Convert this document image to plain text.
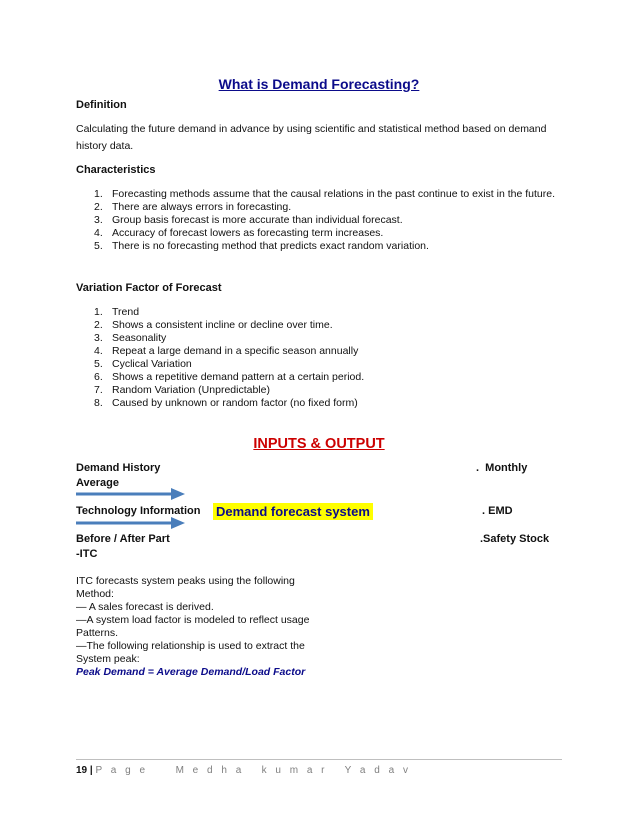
What is Demand Forecasting?
Definition
Calculating the future demand in advance by using scientific and statistical method based on demand
history data.
Characteristics
1. Forecasting methods assume that the causal relations in the past continue to exist in the future.
2. There are always errors in forecasting.
3. Group basis forecast is more accurate than individual forecast.
4. Accuracy of forecast lowers as forecasting term increases.
5. There is no forecasting method that predicts exact random variation.
Variation Factor of Forecast
1. Trend
2. Shows a consistent incline or decline over time.
3. Seasonality
4. Repeat a large demand in a specific season annually
5. Cyclical Variation
6. Shows a repetitive demand pattern at a certain period.
7. Random Variation (Unpredictable)
8. Caused by unknown or random factor (no fixed form)
INPUTS & OUTPUT
Demand History	.  Monthly
Average
Technology Information Demand forecast system	. EMD
Before / After Part	.Safety Stock
-ITC
ITC forecasts system peaks using the following
Method:
— A sales forecast is derived.
—A system load factor is modeled to reflect usage
Patterns.
—The following relationship is used to extract the
System peak:
Peak Demand = Average Demand/Load Factor
19 | P a g e	M e d h a   k u m a r   Y a d a v
